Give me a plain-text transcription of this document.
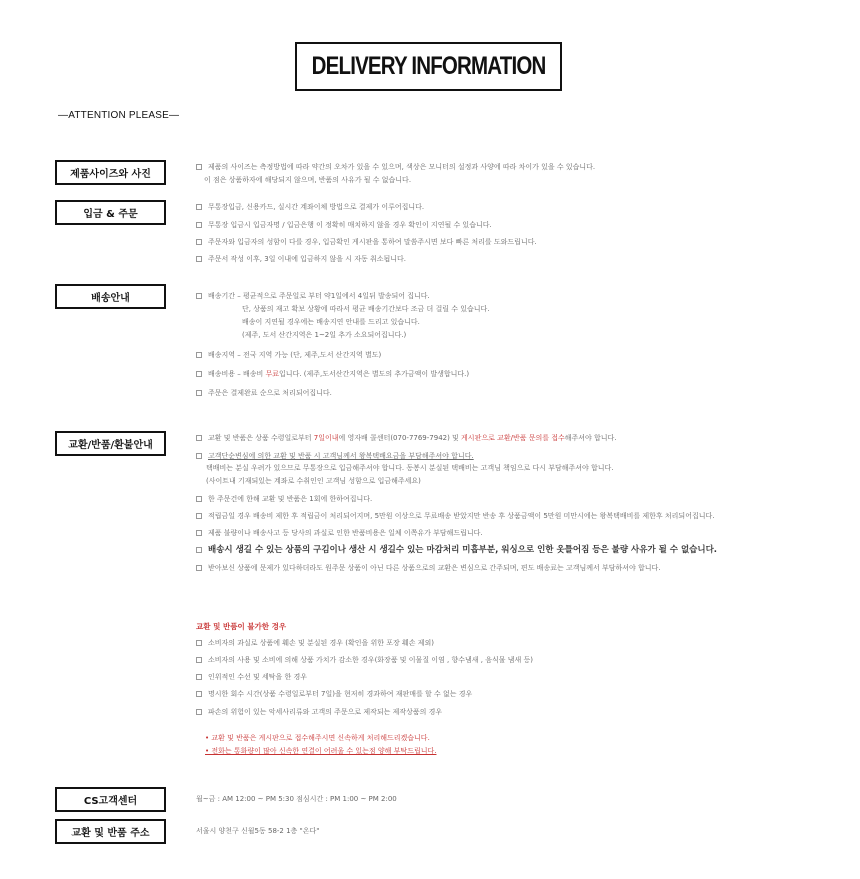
DELIVERY INFORMATION
—ATTENTION PLEASE—
제품사이즈와 사진
입금 & 주문
배송안내
교환/반품/환불안내
CS고객센터
교환 및 반품 주소
제품의 사이즈는 측정방법에 따라 약간의 오차가 있을 수 있으며, 색상은 모니터의 설정과 사양에 따라 차이가 있을 수 있습니다.
이 점은 상품하자에 해당되지 않으며, 반품의 사유가 될 수 없습니다.
무통장입금, 신용카드, 실시간 계좌이체 방법으로 결제가 이루어집니다.
무통장 입금시 입금자명 / 입금은행 이 정확히 매치하지 않을 경우 확인이 지연될 수 있습니다.
주문자와 입금자의 성함이 다를 경우, 입금확인 게시판을 통하여 말씀주시면 보다 빠른 처리를 도와드립니다.
주문서 작성 이후, 3일 이내에 입금하지 않을 시 자동 취소됩니다.
배송기간 – 평균적으로 주문일로 부터 약1일에서 4일뒤 발송되어 집니다.
단, 상품의 재고 확보 상황에 따라서 평균 배송기간보다 조금 더 걸릴 수 있습니다.
배송이 지연될 경우에는 배송지연 안내를 드리고 있습니다.
(제주, 도서 산간지역은 1~2일 추가 소요되어집니다.)
배송지역 – 전국 지역 가능 (단, 제주,도서 산간지역 별도)
배송비용 – 배송비 무료입니다. (제주,도서산간지역은 별도의 추가금액이 발생합니다.)
주문은 결제완료 순으로 처리되어집니다.
교환 및 반품은 상품 수령일로부터 7일이내에 영자배 콜센터(070-7769-7942) 및 게시판으로 교환/반품 문의를 접수해주셔야 합니다.
고객단순변심에 의한 교환 및 반품 시 고객님께서 왕복택배요금을 부담해주셔야 합니다.
택배비는 분실 우려가 있으므로 무통장으로 입금해주셔야 합니다. 동봉시 분실된 택배비는 고객님 책임으로 다시 부담해주셔야 합니다.
(사이트내 기재되있는 계좌로 수취인인 고객님 성함으로 입금해주세요)
한 주문건에 한해 교환 및 반품은 1회에 한하여집니다.
적립금일 경우 배송비 제한 후 적립금이 처리되어지며, 5만원 이상으로 무료배송 받았지만 반송 후 상품금액이 5만원 미만시에는 왕복택배비를 제한후 처리되어집니다.
제품 불량이나 배송사고 등 당사의 과실로 인한 반품비용은 일체 이쪽유가 부담해드립니다.
배송시 생길 수 있는 상품의 구김이나 생산 시 생길수 있는 마감처리 미흡부분, 워싱으로 인한 옷틀어짐 등은 불량 사유가 될 수 없습니다.
받아보신 상품에 문제가 있다하더라도 원주문 상품이 아닌 다른 상품으로의 교환은 변심으로 간주되며, 편도 배송료는 고객님께서 부담하셔야 합니다.
교환 및 반품이 불가한 경우
소비자의 과실로 상품에 훼손 및 분실된 경우 (확인을 위한 포장 훼손 제외)
소비자의 사용 및 소비에 의해 상품 가치가 감소한 경우(화장품 및 이물질 이염 , 향수냄새 , 음식물 냄새 등)
인위적인 수선 및 세탁을 한 경우
명시한 회수 시간(상품 수령일로부터 7일)을 현저히 경과하여 재판매를 할 수 없는 경우
파손의 위험이 있는 악세사리류와 고객의 주문으로 제작되는 제작상품의 경우
• 교환 및 반품은 게시판으로 접수해주시면 신속하게 처리해드리겠습니다.
• 전화는 통화량이 많아 신속한 연결이 어려울 수 있는점 양해 부탁드립니다.
월~금 : AM 12:00 ~ PM 5:30 점심시간 : PM 1:00 ~ PM 2:00
서울시 양천구 신월5동 58-2 1층 "온다"
